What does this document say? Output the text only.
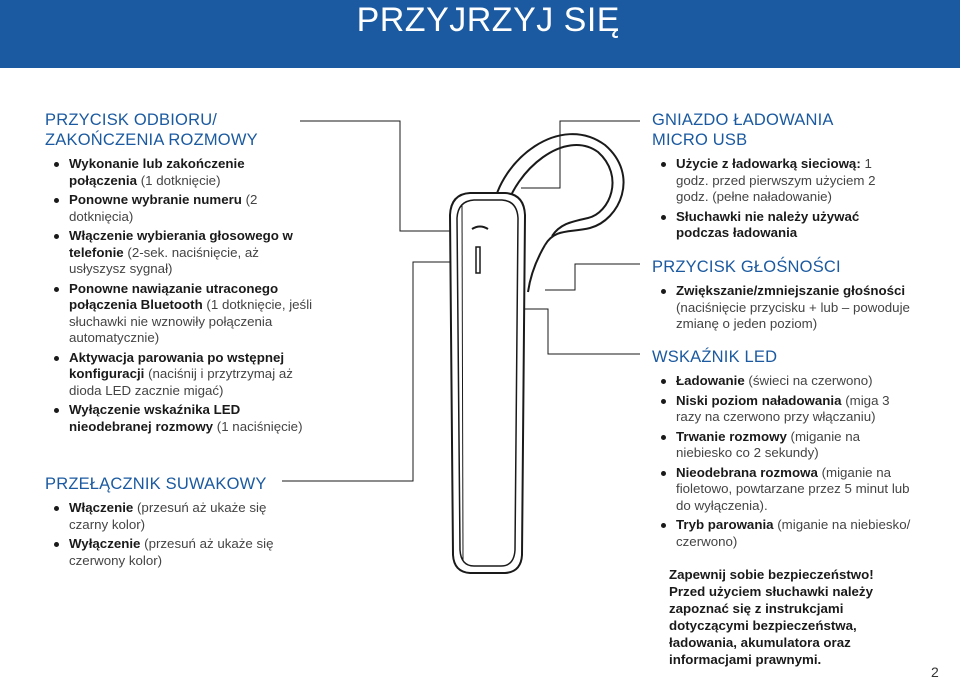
PRZYJRZYJ SIĘ
PRZYCISK ODBIORU/ ZAKOŃCZENIA ROZMOWY
Wykonanie lub zakończenie połączenia (1 dotknięcie)
Ponowne wybranie numeru (2 dotknięcia)
Włączenie wybierania głosowego w telefonie (2-sek. naciśnięcie, aż usłyszysz sygnał)
Ponowne nawiązanie utraconego połączenia Bluetooth (1 dotknięcie, jeśli słuchawki nie wznowiły połączenia automatycznie)
Aktywacja parowania po wstępnej konfiguracji (naciśnij i przytrzymaj aż dioda LED zacznie migać)
Wyłączenie wskaźnika LED nieodebranej rozmowy (1 naciśnięcie)
PRZEŁĄCZNIK SUWAKOWY
Włączenie (przesuń aż ukaże się czarny kolor)
Wyłączenie (przesuń aż ukaże się czerwony kolor)
GNIAZDO ŁADOWANIA MICRO USB
Użycie z ładowarką sieciową: 1 godz. przed pierwszym użyciem 2 godz. (pełne naładowanie)
Słuchawki nie należy używać podczas ładowania
PRZYCISK GŁOŚNOŚCI
Zwiększanie/zmniejszanie głośności (naciśnięcie przycisku + lub – powoduje zmianę o jeden poziom)
WSKAŹNIK LED
Ładowanie (świeci na czerwono)
Niski poziom naładowania (miga 3 razy na czerwono przy włączaniu)
Trwanie rozmowy (miganie na niebiesko co 2 sekundy)
Nieodebrana rozmowa (miganie na fioletowo, powtarzane przez 5 minut lub do wyłączenia).
Tryb parowania (miganie na niebiesko/ czerwono)
Zapewnij sobie bezpieczeństwo! Przed użyciem słuchawki należy zapoznać się z instrukcjami dotyczącymi bezpieczeństwa, ładowania, akumulatora oraz informacjami prawnymi.
2
